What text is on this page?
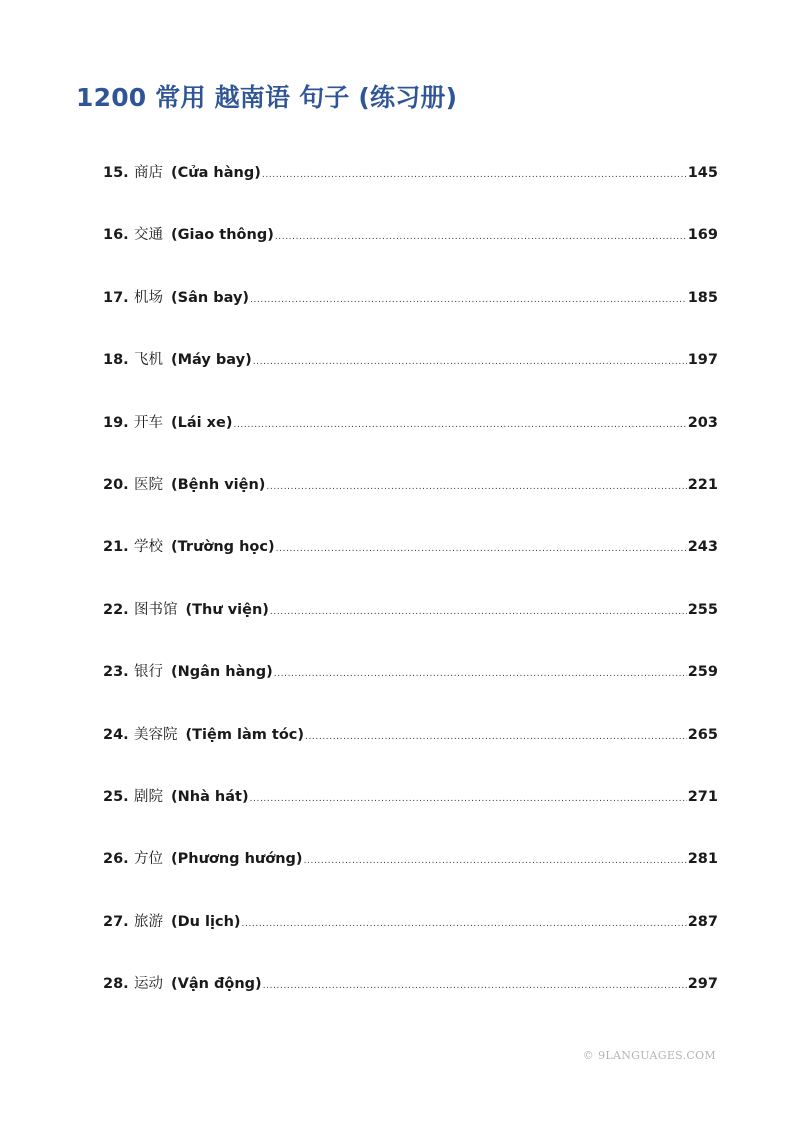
1200 常用 越南语 句子 (练习册)
15. 商店 (Cửa hàng) .....	145
16. 交通 (Giao thông) .....	169
17. 机场 (Sân bay) .....	185
18. 飞机 (Máy bay) .....	197
19. 开车 (Lái xe) .....	203
20. 医院 (Bệnh viện) .....	221
21. 学校 (Trường học) .....	243
22. 图书馆 (Thư viện) .....	255
23. 银行 (Ngân hàng) .....	259
24. 美容院 (Tiệm làm tóc) .....	265
25. 剧院 (Nhà hát) .....	271
26. 方位 (Phương hướng) .....	281
27. 旅游 (Du lịch) .....	287
28. 运动 (Vận động) .....	297
© 9LANGUAGES.COM
